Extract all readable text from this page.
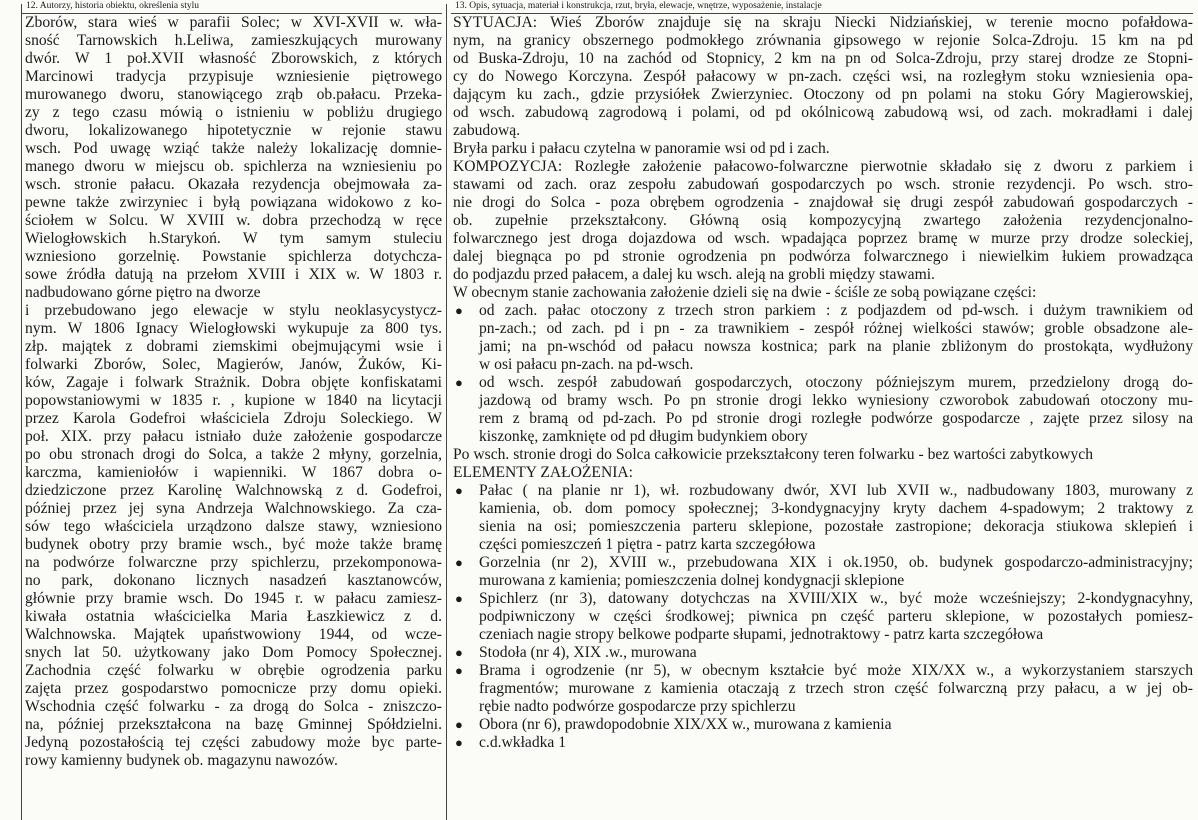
12. Autorzy, historia obiektu, określenia stylu
Zborów, stara wieś w parafii Solec; w XVI-XVII w. wła-
sność Tarnowskich h.Leliwa, zamieszkujących murowany
dwór. W 1 poł.XVII własność Zborowskich, z których
Marcinowi tradycja przypisuje wzniesienie piętrowego
murowanego dworu, stanowiącego zrąb ob.pałacu. Przeka-
zy z tego czasu mówią o istnieniu w pobliżu drugiego
dworu, lokalizowanego hipotetycznie w rejonie stawu
wsch. Pod uwagę wziąć także należy lokalizację domnie-
manego dworu w miejscu ob. spichlerza na wzniesieniu po
wsch. stronie pałacu. Okazała rezydencja obejmowała za-
pewne także zwirzyniec i byłą powiązana widokowo z ko-
ściołem w Solcu. W XVIII w. dobra przechodzą w ręce
Wielogłowskich h.Starykoń. W tym samym stuleciu
wzniesiono gorzelnię. Powstanie spichlerza dotychcza-
sowe źródła datują na przełom XVIII i XIX w. W 1803 r.
nadbudowano górne piętro na dworze
i przebudowano jego elewacje w stylu neoklasycystycz-
nym. W 1806 Ignacy Wielogłowski wykupuje za 800 tys.
złp. majątek z dobrami ziemskimi obejmującymi wsie i
folwarki Zborów, Solec, Magierów, Janów, Żuków, Ki-
ków, Zagaje i folwark Strażnik. Dobra objęte konfiskatami
popowstaniowymi w 1835 r. , kupione w 1840 na licytacji
przez Karola Godefroi właściciela Zdroju Soleckiego. W
poł. XIX. przy pałacu istniało duże założenie gospodarcze
po obu stronach drogi do Solca, a także 2 młyny, gorzelnia,
karczma, kamieniołów i wapienniki. W 1867 dobra o-
dziedziczone przez Karolinę Walchnowską z d. Godefroi,
później przez jej syna Andrzeja Walchnowskiego. Za cza-
sów tego właściciela urządzono dalsze stawy, wzniesiono
budynek obotry przy bramie wsch., być może także bramę
na podwórze folwarczne przy spichlerzu, przekomponowa-
no park, dokonano licznych nasadzeń kasztanowców,
głównie przy bramie wsch. Do 1945 r. w pałacu zamiesz-
kiwała ostatnia właścicielka Maria Łaszkiewicz z d.
Walchnowska. Majątek upaństwowiony 1944, od wcze-
snych lat 50. użytkowany jako Dom Pomocy Społecznej.
Zachodnia część folwarku w obrębie ogrodzenia parku
zajęta przez gospodarstwo pomocnicze przy domu opieki.
Wschodnia część folwarku - za drogą do Solca - zniszczo-
na, później przekształcona na bazę Gminnej Spółdzielni.
Jedyną pozostałością tej części zabudowy może byc parte-
rowy kamienny budynek ob. magazynu nawozów.
13. Opis, sytuacja, materiał i konstrukcja, rzut, bryła, elewacje, wnętrze, wyposażenie, instalacje
SYTUACJA: Wieś Zborów znajduje się na skraju Niecki Nidziańskiej, w terenie mocno pofałdowa-
nym, na granicy obszernego podmokłego zrównania gipsowego w rejonie Solca-Zdroju. 15 km na pd
od Buska-Zdroju, 10 na zachód od Stopnicy, 2 km na pn od Solca-Zdroju, przy starej drodze ze Stopni-
cy do Nowego Korczyna. Zespół pałacowy w pn-zach. części wsi, na rozległym stoku wzniesienia opa-
dającym ku zach., gdzie przysiółek Zwierzyniec. Otoczony od pn polami na stoku Góry Magierowskiej,
od wsch. zabudową zagrodową i polami, od pd okólnicową zabudową wsi, od zach. mokradłami i dalej
zabudową.
Bryła parku i pałacu czytelna w panoramie wsi od pd i zach.
KOMPOZYCJA: Rozległe założenie pałacowo-folwarczne pierwotnie składało się z dworu z parkiem i
stawami od zach. oraz zespołu zabudowań gospodarczych po wsch. stronie rezydencji. Po wsch. stro-
nie drogi do Solca - poza obrębem ogrodzenia - znajdował się drugi zespół zabudowań gospodarczych -
ob. zupełnie przekształcony. Główną osią kompozycyjną zwartego założenia rezydencjonalno-
folwarcznego jest droga dojazdowa od wsch. wpadająca poprzez bramę w murze przy drodze soleckiej,
dalej biegnąca po pd stronie ogrodzenia pn podwórza folwarcznego i niewielkim łukiem prowadząca
do podjazdu przed pałacem, a dalej ku wsch. aleją na grobli między stawami.
W obecnym stanie zachowania założenie dzieli się na dwie - ściśle ze sobą powiązane części:
● od zach. pałac otoczony z trzech stron parkiem : z podjazdem od pd-wsch. i dużym trawnikiem od
pn-zach.; od zach. pd i pn - za trawnikiem - zespół różnej wielkości stawów; groble obsadzone ale-
jami; na pn-wschód od pałacu nowsza kostnica; park na planie zbliżonym do prostokąta, wydłużony
w osi pałacu pn-zach. na pd-wsch.
● od wsch. zespół zabudowań gospodarczych, otoczony późniejszym murem, przedzielony drogą do-
jazdową od bramy wsch. Po pn stronie drogi lekko wyniesiony czworobok zabudowań otoczony mu-
rem z bramą od pd-zach. Po pd stronie drogi rozległe podwórze gospodarcze , zajęte przez silosy na
kiszonkę, zamknięte od pd długim budynkiem obory
Po wsch. stronie drogi do Solca całkowicie przekształcony teren folwarku - bez wartości zabytkowych
ELEMENTY ZAŁOŻENIA:
● Pałac ( na planie nr 1), wł. rozbudowany dwór, XVI lub XVII w., nadbudowany 1803, murowany z
kamienia, ob. dom pomocy społecznej; 3-kondygnacyjny kryty dachem 4-spadowym; 2 traktowy z
sienia na osi; pomieszczenia parteru sklepione, pozostałe zastropione; dekoracja stiukowa sklepień i
części pomieszczeń 1 piętra - patrz karta szczegółowa
● Gorzelnia (nr 2), XVIII w., przebudowana XIX i ok.1950, ob. budynek gospodarczo-administracyjny;
murowana z kamienia; pomieszczenia dolnej kondygnacji sklepione
● Spichlerz (nr 3), datowany dotychczas na XVIII/XIX w., być może wcześniejszy; 2-kondygnacyhny,
podpiwniczony w części środkowej; piwnica pn część parteru sklepione, w pozostałych pomiesz-
czeniach nagie stropy belkowe podparte słupami, jednotraktowy - patrz karta szczegółowa
● Stodoła (nr 4), XIX .w., murowana
● Brama i ogrodzenie (nr 5), w obecnym kształcie być może XIX/XX w., a wykorzystaniem starszych
fragmentów; murowane z kamienia otaczają z trzech stron część folwarczną przy pałacu, a w jej ob-
rębie nadto podwórze gospodarcze przy spichlerzu
● Obora (nr 6), prawdopodobnie XIX/XX w., murowana z kamienia
● c.d.wkładka 1
